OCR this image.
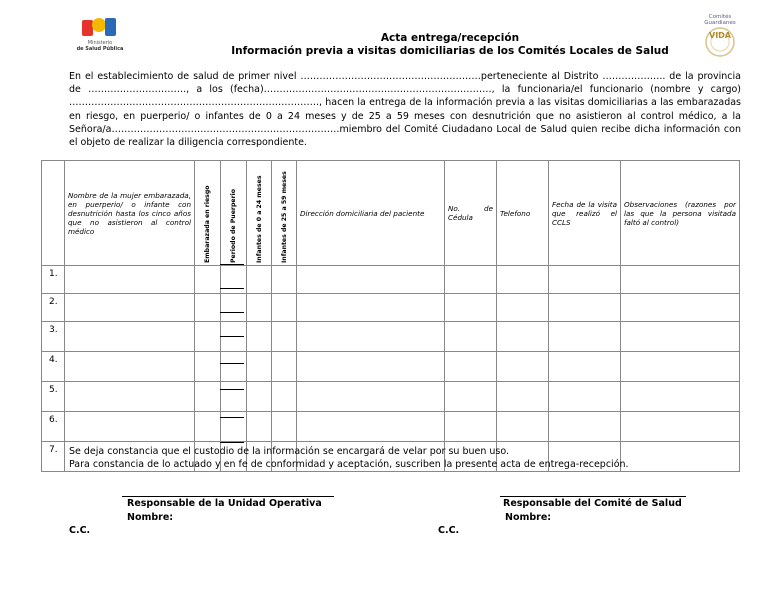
Ministerio
de Salud Pública
Comités
Guardianes
VIDA
Acta entrega/recepción
Información previa a visitas domiciliarias de los Comités Locales de Salud
En el establecimiento de salud de primer nivel …………………………………………………perteneciente al Distrito ……………….. de la provincia de …………………………., a los (fecha)………………………………………………………………, la funcionaria/el funcionario (nombre y cargo) ……………………………………………………………………., hacen la entrega de la información previa a las visitas domiciliarias a las embarazadas en riesgo, en puerperio/ o infantes de 0 a 24 meses y de 25 a 59 meses con desnutrición que no asistieron al control médico, a la Señora/a………………………………………………………………miembro del Comité Ciudadano Local de Salud quien recibe dicha información con el objeto de realizar la diligencia correspondiente.

	Nombre de la mujer embarazada, en puerperio/ o infante con desnutrición hasta los cinco años que no asistieron al control médico	Embarazada en riesgo	Periodo de Puerperio	Infantes de 0 a 24 meses	Infantes de 25 a 59 meses	Dirección domiciliaria del paciente	No. de Cédula	Telefono	Fecha de la visita que realizó el CCLS	Observaciones (razones por las que la persona visitada faltó al control)

1.										
2.										
3.										
4.										
5.										
6.										
7.										Se deja constancia que el custodio de la información se encargará de velar por su buen uso.
Para constancia de lo actuado y en fe de conformidad y aceptación, suscriben la presente acta de entrega-recepción.
Responsable de la Unidad Operativa
Nombre:
C.C.
Responsable del Comité de Salud
Nombre:
C.C.
